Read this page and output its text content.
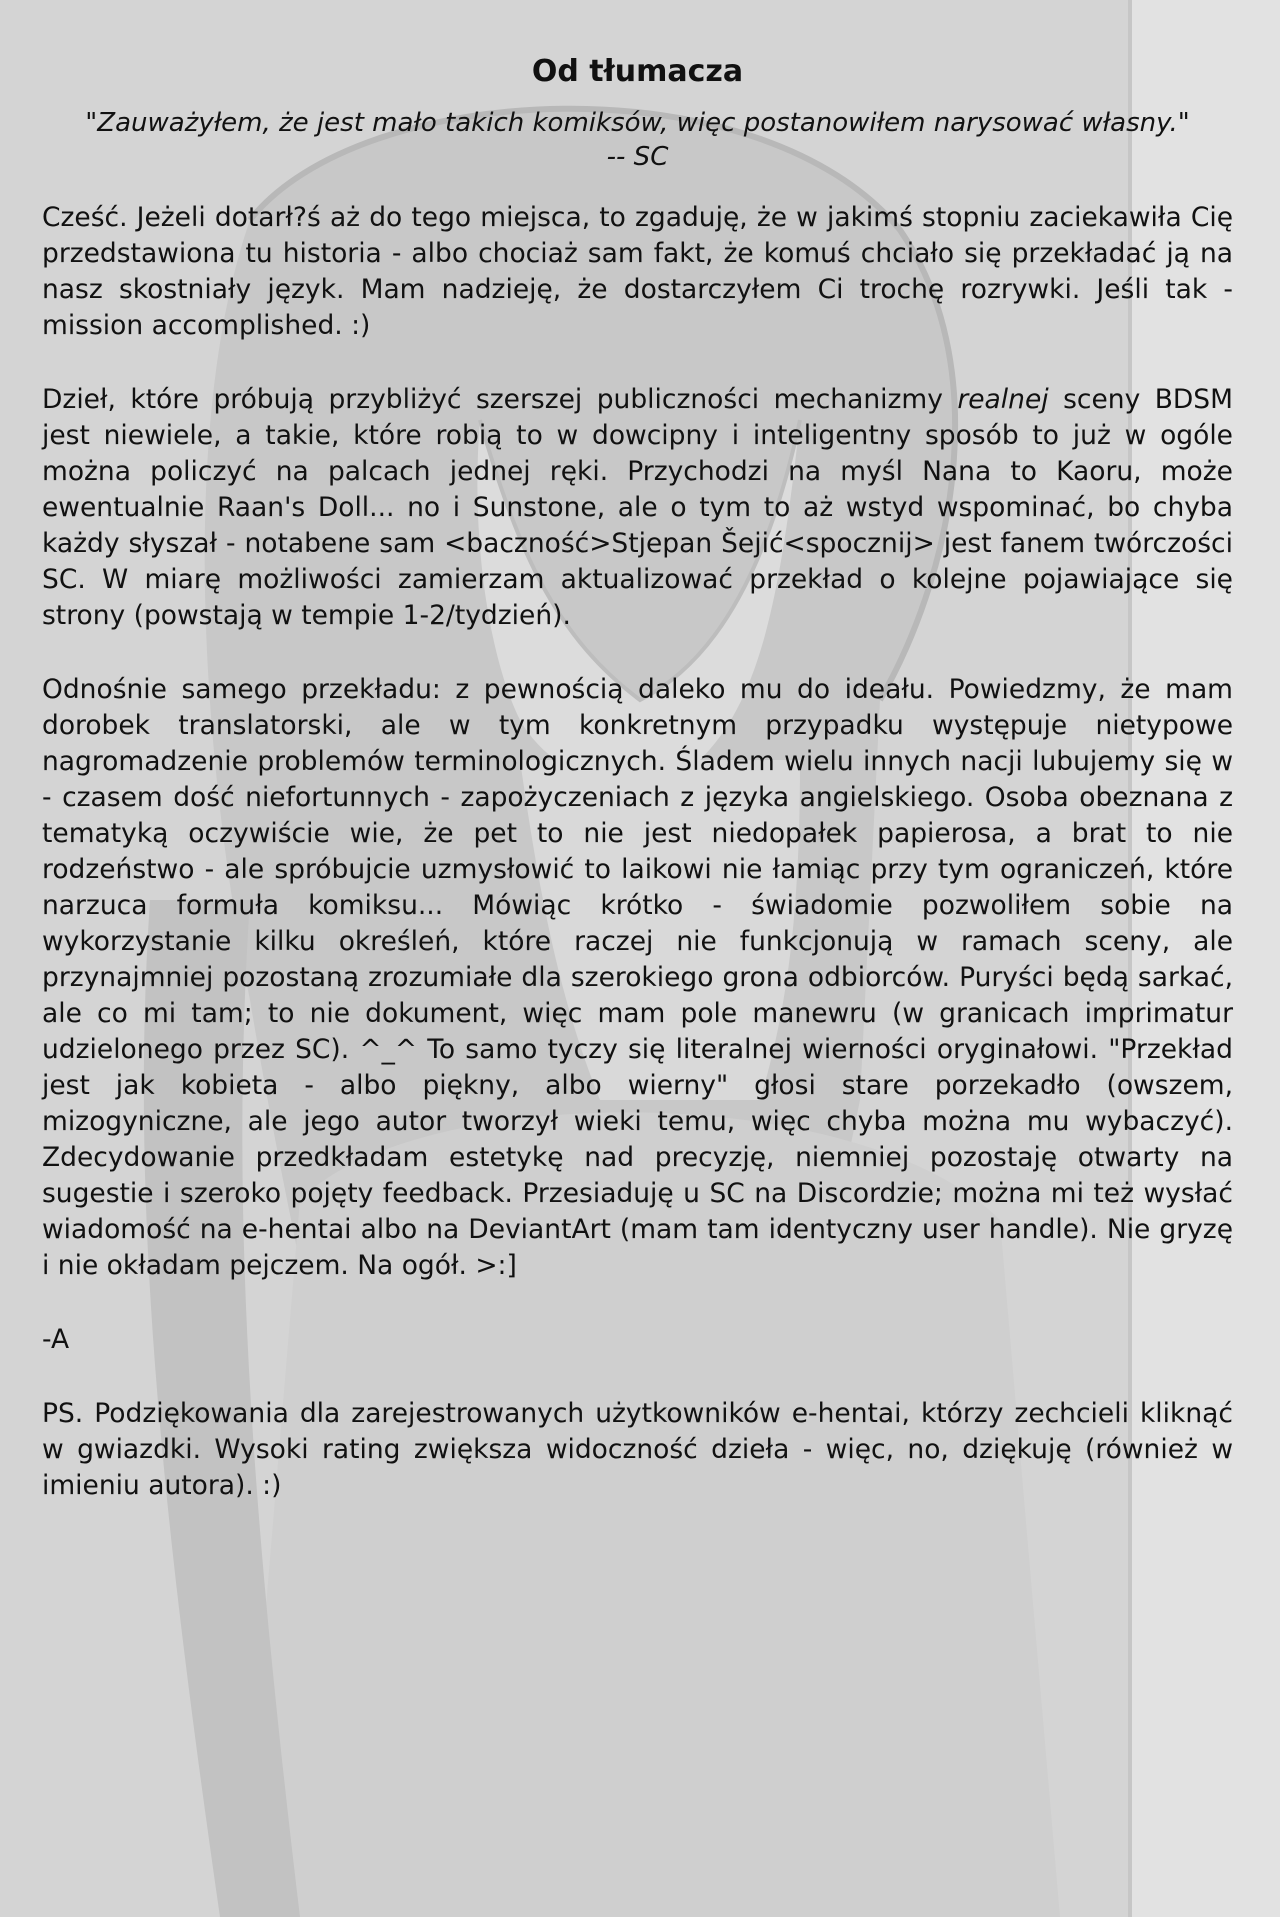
Od tłumacza
"Zauważyłem, że jest mało takich komiksów, więc postanowiłem narysować własny."
-- SC

Cześć. Jeżeli dotarł?ś aż do tego miejsca, to zgaduję, że w jakimś stopniu zaciekawiła Cię przedstawiona tu historia - albo chociaż sam fakt, że komuś chciało się przekładać ją na nasz skostniały język. Mam nadzieję, że dostarczyłem Ci trochę rozrywki. Jeśli tak - mission accomplished. :)

Dzieł, które próbują przybliżyć szerszej publiczności mechanizmy realnej sceny BDSM jest niewiele, a takie, które robią to w dowcipny i inteligentny sposób to już w ogóle można policzyć na palcach jednej ręki. Przychodzi na myśl Nana to Kaoru, może ewentualnie Raan's Doll... no i Sunstone, ale o tym to aż wstyd wspominać, bo chyba każdy słyszał - notabene sam <baczność>Stjepan Šejić<spocznij> jest fanem twórczości SC. W miarę możliwości zamierzam aktualizować przekład o kolejne pojawiające się strony (powstają w tempie 1-2/tydzień).

Odnośnie samego przekładu: z pewnością daleko mu do ideału. Powiedzmy, że mam dorobek translatorski, ale w tym konkretnym przypadku występuje nietypowe nagromadzenie problemów terminologicznych. Śladem wielu innych nacji lubujemy się w - czasem dość niefortunnych - zapożyczeniach z języka angielskiego. Osoba obeznana z tematyką oczywiście wie, że pet to nie jest niedopałek papierosa, a brat to nie rodzeństwo - ale spróbujcie uzmysłowić to laikowi nie łamiąc przy tym ograniczeń, które narzuca formuła komiksu... Mówiąc krótko - świadomie pozwoliłem sobie na wykorzystanie kilku określeń, które raczej nie funkcjonują w ramach sceny, ale przynajmniej pozostaną zrozumiałe dla szerokiego grona odbiorców. Puryści będą sarkać, ale co mi tam; to nie dokument, więc mam pole manewru (w granicach imprimatur udzielonego przez SC). ^_^ To samo tyczy się literalnej wierności oryginałowi. "Przekład jest jak kobieta - albo piękny, albo wierny" głosi stare porzekadło (owszem, mizogyniczne, ale jego autor tworzył wieki temu, więc chyba można mu wybaczyć). Zdecydowanie przedkładam estetykę nad precyzję, niemniej pozostaję otwarty na sugestie i szeroko pojęty feedback. Przesiaduję u SC na Discordzie; można mi też wysłać wiadomość na e-hentai albo na DeviantArt (mam tam identyczny user handle). Nie gryzę i nie okładam pejczem. Na ogół. >:]

-A

PS. Podziękowania dla zarejestrowanych użytkowników e-hentai, którzy zechcieli kliknąć w gwiazdki. Wysoki rating zwiększa widoczność dzieła - więc, no, dziękuję (również w imieniu autora). :)
